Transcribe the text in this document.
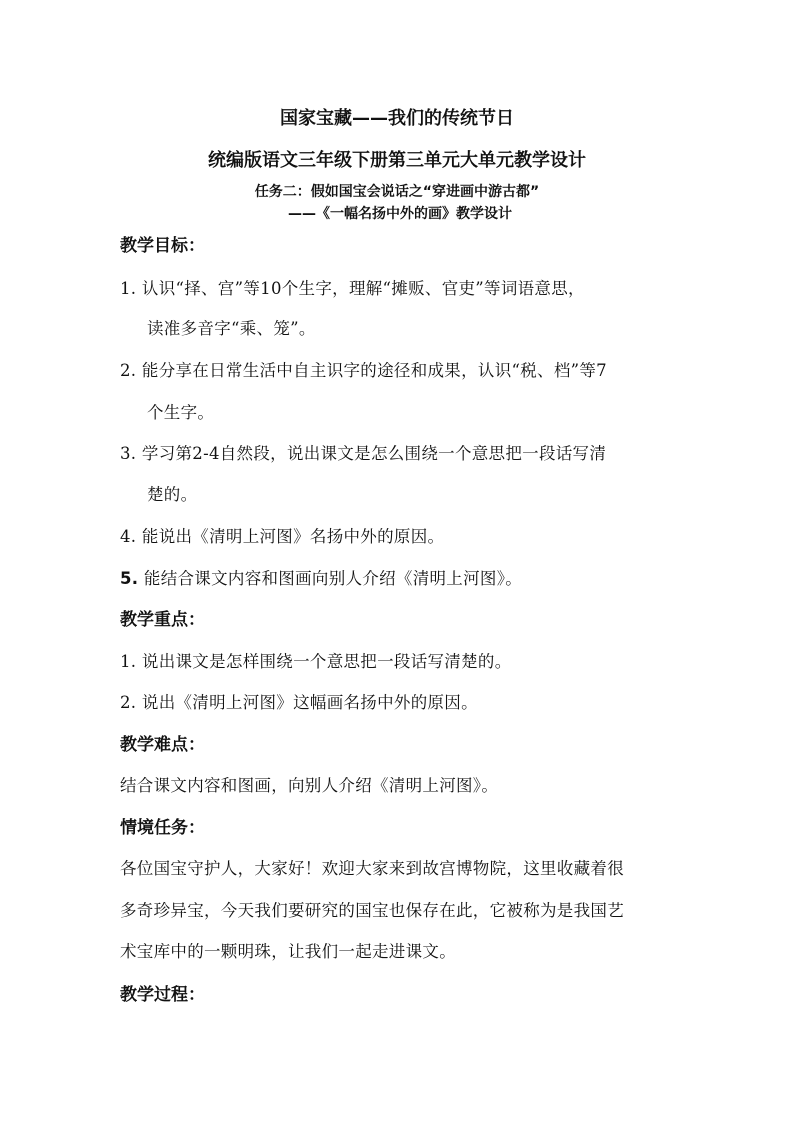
国家宝藏——我们的传统节日
统编版语文三年级下册第三单元大单元教学设计
任务二：假如国宝会说话之“穿进画中游古都”
——《一幅名扬中外的画》教学设计
教学目标：
1. 认识“择、宫”等10个生字，理解“摊贩、官吏”等词语意思，
读准多音字“乘、笼”。
2. 能分享在日常生活中自主识字的途径和成果，认识“税、档”等7
个生字。
3. 学习第2-4自然段，说出课文是怎么围绕一个意思把一段话写清
楚的。
4. 能说出《清明上河图》名扬中外的原因。
5. 能结合课文内容和图画向别人介绍《清明上河图》。
教学重点：
1. 说出课文是怎样围绕一个意思把一段话写清楚的。
2. 说出《清明上河图》这幅画名扬中外的原因。
教学难点：
结合课文内容和图画，向别人介绍《清明上河图》。
情境任务：
各位国宝守护人，大家好！欢迎大家来到故宫博物院，这里收藏着很
多奇珍异宝，今天我们要研究的国宝也保存在此，它被称为是我国艺
术宝库中的一颗明珠，让我们一起走进课文。
教学过程：
